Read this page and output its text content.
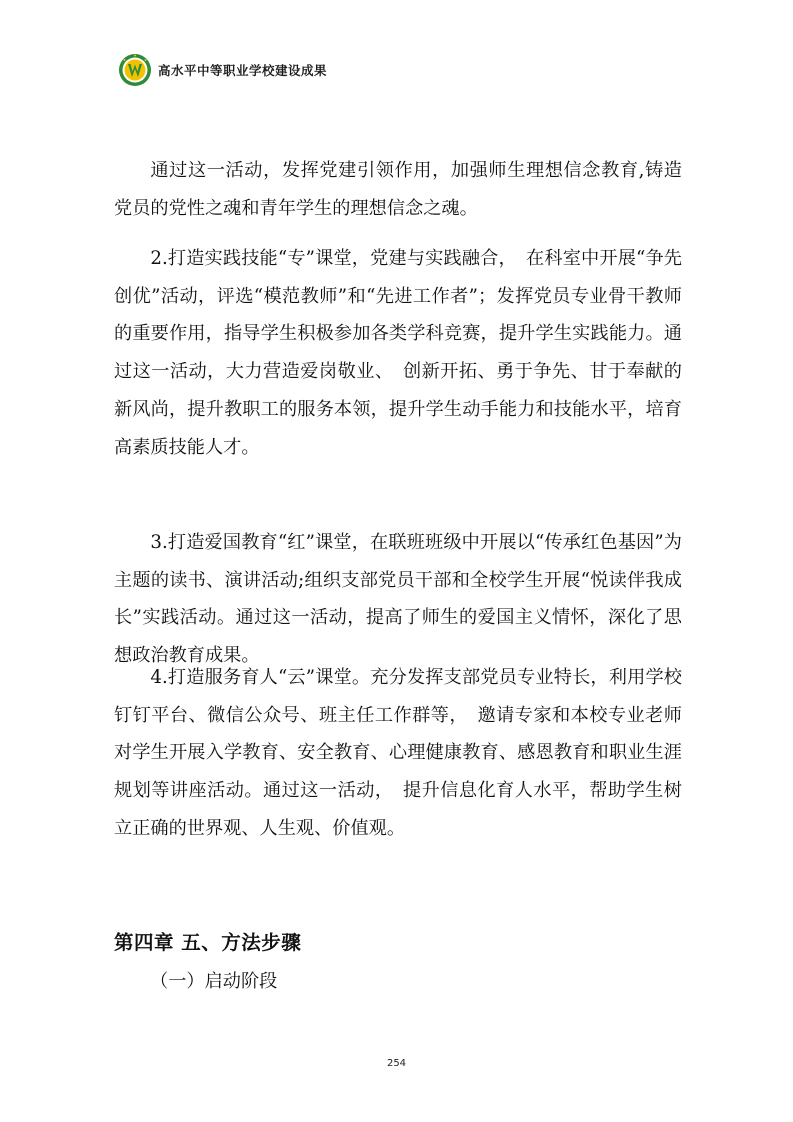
高水平中等职业学校建设成果

通过这一活动，发挥党建引领作用，加强师生理想信念教育,铸造党员的党性之魂和青年学生的理想信念之魂。

2.打造实践技能“专”课堂，党建与实践融合，　在科室中开展“争先创优”活动，评选“模范教师”和“先进工作者”；发挥党员专业骨干教师的重要作用，指导学生积极参加各类学科竞赛，提升学生实践能力。通过这一活动，大力营造爱岗敬业、　创新开拓、勇于争先、甘于奉献的新风尚，提升教职工的服务本领，提升学生动手能力和技能水平，培育高素质技能人才。

3.打造爱国教育“红”课堂，在联班班级中开展以“传承红色基因”为主题的读书、演讲活动;组织支部党员干部和全校学生开展“悦读伴我成长”实践活动。通过这一活动，提高了师生的爱国主义情怀，深化了思想政治教育成果。

4.打造服务育人“云”课堂。充分发挥支部党员专业特长，利用学校钉钉平台、微信公众号、班主任工作群等，　邀请专家和本校专业老师对学生开展入学教育、安全教育、心理健康教育、感恩教育和职业生涯规划等讲座活动。通过这一活动，　提升信息化育人水平，帮助学生树立正确的世界观、人生观、价值观。

第四章 五、方法步骤
（一）启动阶段
254
